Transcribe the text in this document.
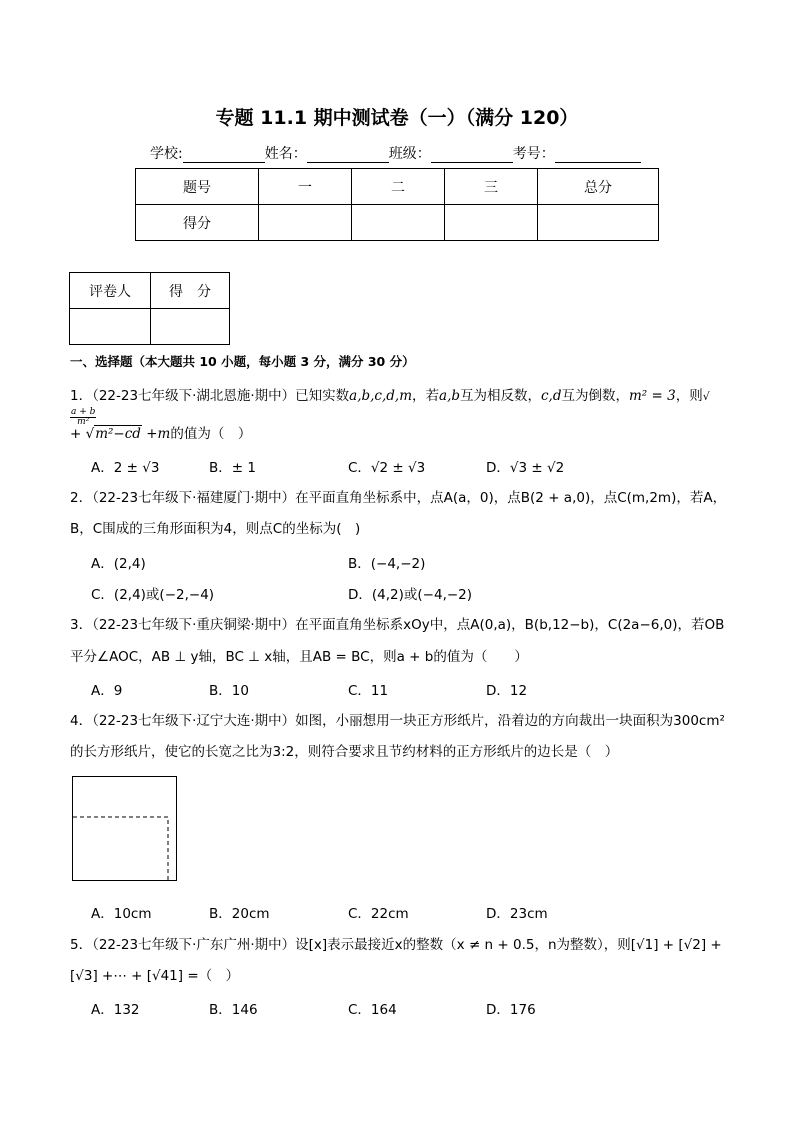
专题 11.1 期中测试卷（一）（满分 120）
学校:	姓名：	班级：	考号：
题号	一	二	三	总分
得分				
评卷人	得　分

一、选择题（本大题共 10 小题，每小题 3 分，满分 30 分）
1．（22-23七年级下·湖北恩施·期中）已知实数a,b,c,d,m，若a,b互为相反数，c,d互为倒数，m² = 3，则√
$\frac{a + b}{\text{m²}}$
+ √m²−cd +m的值为（　）
A．2 ± √3	B．± 1	C．√2 ± √3	D．√3 ± √2
2．（22-23七年级下·福建厦门·期中）在平面直角坐标系中，点A(a，0)，点B(2 + a,0)，点C(m,2m)，若A，
B，C围成的三角形面积为4，则点C的坐标为(　)
A．(2,4)	B．(−4,−2)
C．(2,4)或(−2,−4)	D．(4,2)或(−4,−2)
3．（22-23七年级下·重庆铜梁·期中）在平面直角坐标系xOy中，点A(0,a)，B(b,12−b)，C(2a−6,0)，若OB
平分∠AOC，AB ⊥ y轴，BC ⊥ x轴，且AB = BC，则a + b的值为（　　）
A．9	B．10	C．11	D．12
4．（22-23七年级下·辽宁大连·期中）如图，小丽想用一块正方形纸片，沿着边的方向裁出一块面积为300cm²
的长方形纸片，使它的长宽之比为3:2，则符合要求且节约材料的正方形纸片的边长是（　）
A．10cm	B．20cm	C．22cm	D．23cm
5．（22-23七年级下·广东广州·期中）设[x]表示最接近x的整数（x ≠ n + 0.5，n为整数），则[√1] + [√2] +
[√3] +⋯ + [√41] =（　）
A．132	B．146	C．164	D．176
